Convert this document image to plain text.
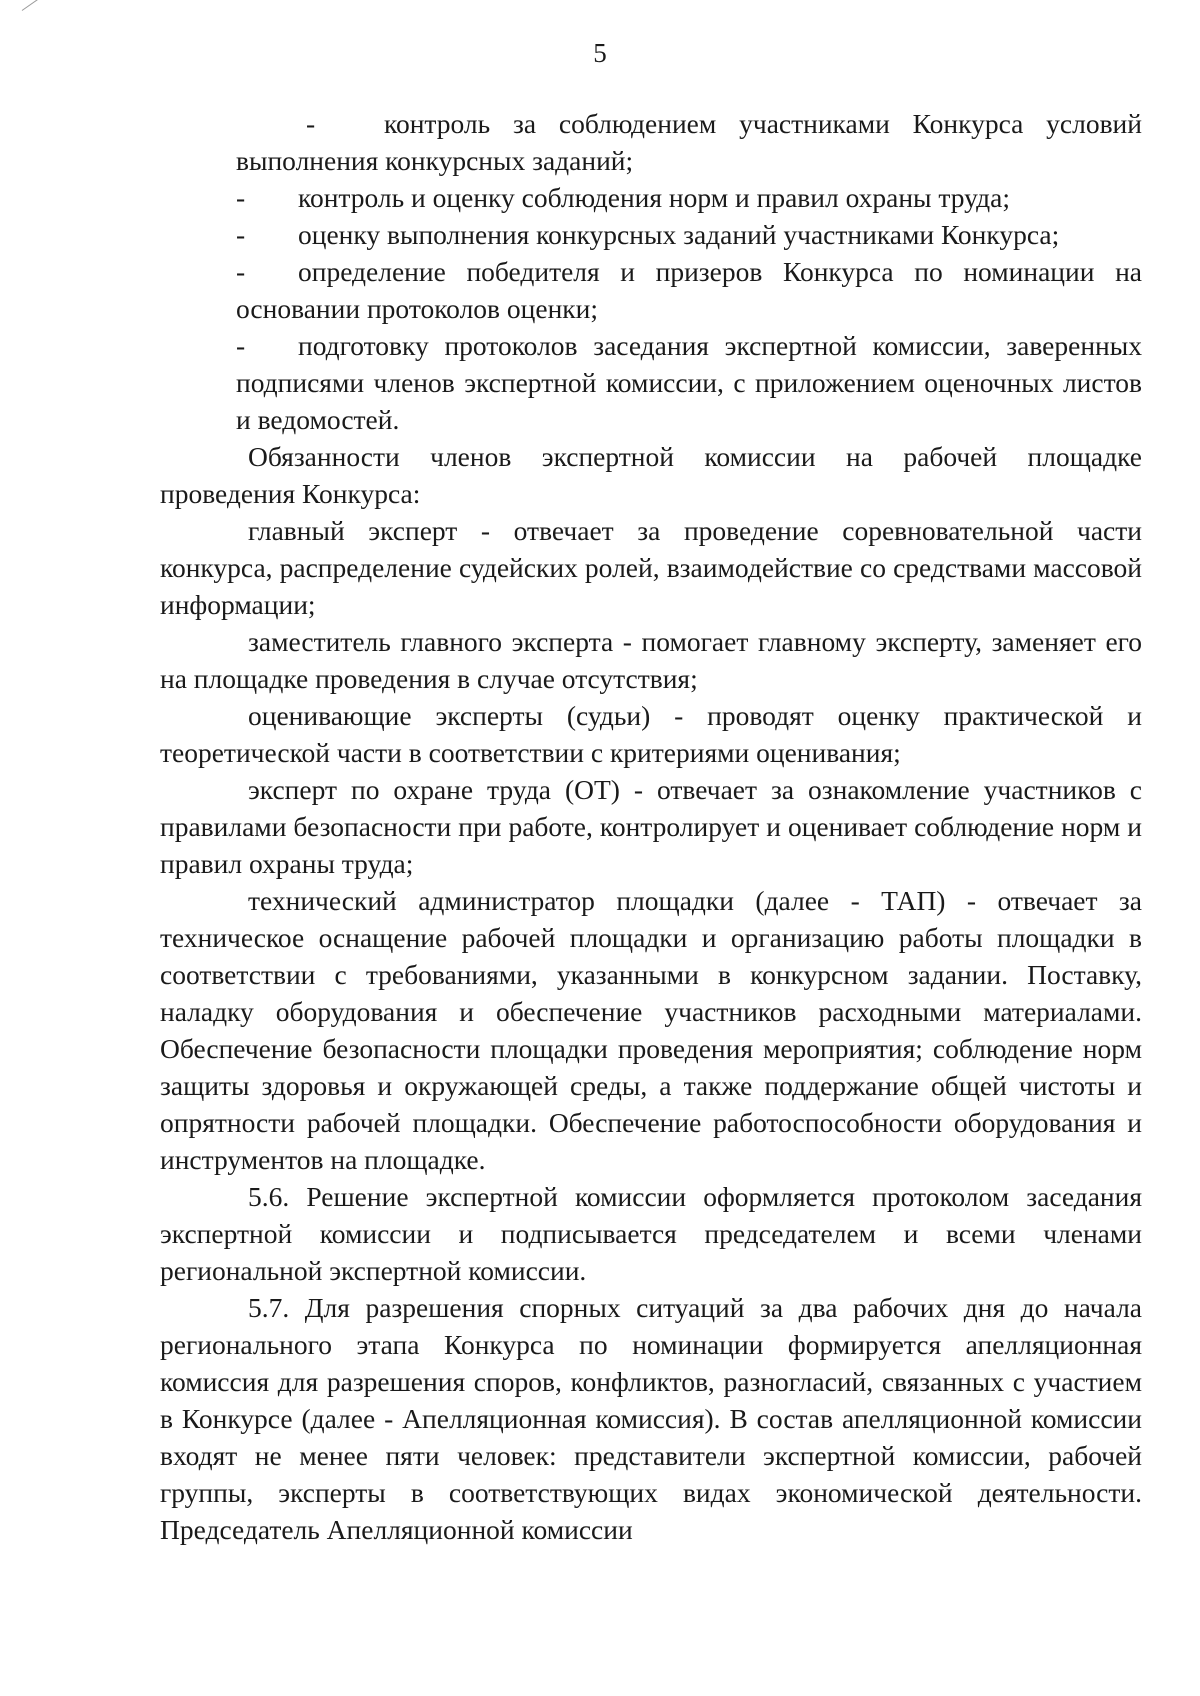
5

-	контроль за соблюдением участниками Конкурса условий выполнения конкурсных заданий;

- контроль и оценку соблюдения норм и правил охраны труда;

- оценку выполнения конкурсных заданий участниками Конкурса;

- определение победителя и призеров Конкурса по номинации на основании протоколов оценки;

- подготовку протоколов заседания экспертной комиссии, заверенных подписями членов экспертной комиссии, с приложением оценочных листов и ведомостей.

Обязанности членов экспертной комиссии на рабочей площадке проведения Конкурса:

главный эксперт - отвечает за проведение соревновательной части конкурса, распределение судейских ролей, взаимодействие со средствами массовой информации;

заместитель главного эксперта - помогает главному эксперту, заменяет его на площадке проведения в случае отсутствия;

оценивающие эксперты (судьи) - проводят оценку практической и теоретической части в соответствии с критериями оценивания;

эксперт по охране труда (ОТ) - отвечает за ознакомление участников с правилами безопасности при работе, контролирует и оценивает соблюдение норм и правил охраны труда;

технический администратор площадки (далее - ТАП) - отвечает за техническое оснащение рабочей площадки и организацию работы площадки в соответствии с требованиями, указанными в конкурсном задании. Поставку, наладку оборудования и обеспечение участников расходными материалами. Обеспечение безопасности площадки проведения мероприятия; соблюдение норм защиты здоровья и окружающей среды, а также поддержание общей чистоты и опрятности рабочей площадки. Обеспечение работоспособности оборудования и инструментов на площадке.

5.6. Решение экспертной комиссии оформляется протоколом заседания экспертной комиссии и подписывается председателем и всеми членами региональной экспертной комиссии.

5.7. Для разрешения спорных ситуаций за два рабочих дня до начала регионального этапа Конкурса по номинации формируется апелляционная комиссия для разрешения споров, конфликтов, разногласий, связанных с участием в Конкурсе (далее - Апелляционная комиссия). В состав апелляционной комиссии входят не менее пяти человек: представители экспертной комиссии, рабочей группы, эксперты в соответствующих видах экономической деятельности. Председатель Апелляционной комиссии
